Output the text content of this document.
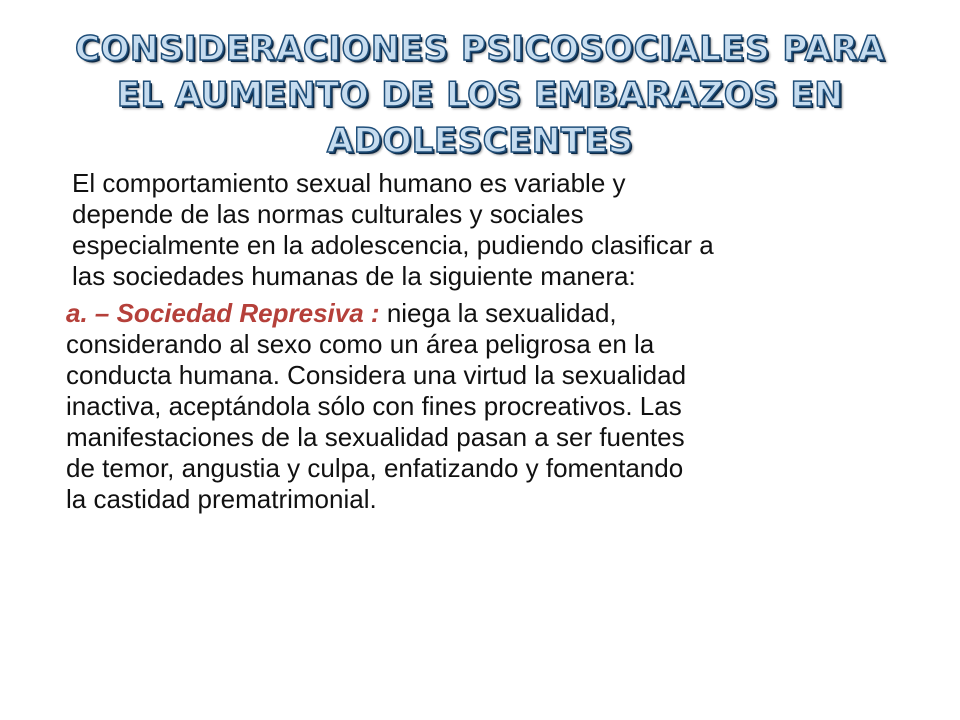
CONSIDERACIONES PSICOSOCIALES PARA
EL AUMENTO DE LOS EMBARAZOS EN
ADOLESCENTES

El comportamiento sexual humano es variable y
depende de las normas culturales y sociales
especialmente en la adolescencia, pudiendo clasificar a
las sociedades humanas de la siguiente manera:

a. – Sociedad Represiva : niega la sexualidad,
considerando al sexo como un área peligrosa en la
conducta humana. Considera una virtud la sexualidad
inactiva, aceptándola sólo con fines procreativos. Las
manifestaciones de la sexualidad pasan a ser fuentes
de temor, angustia y culpa, enfatizando y fomentando
la castidad prematrimonial.
